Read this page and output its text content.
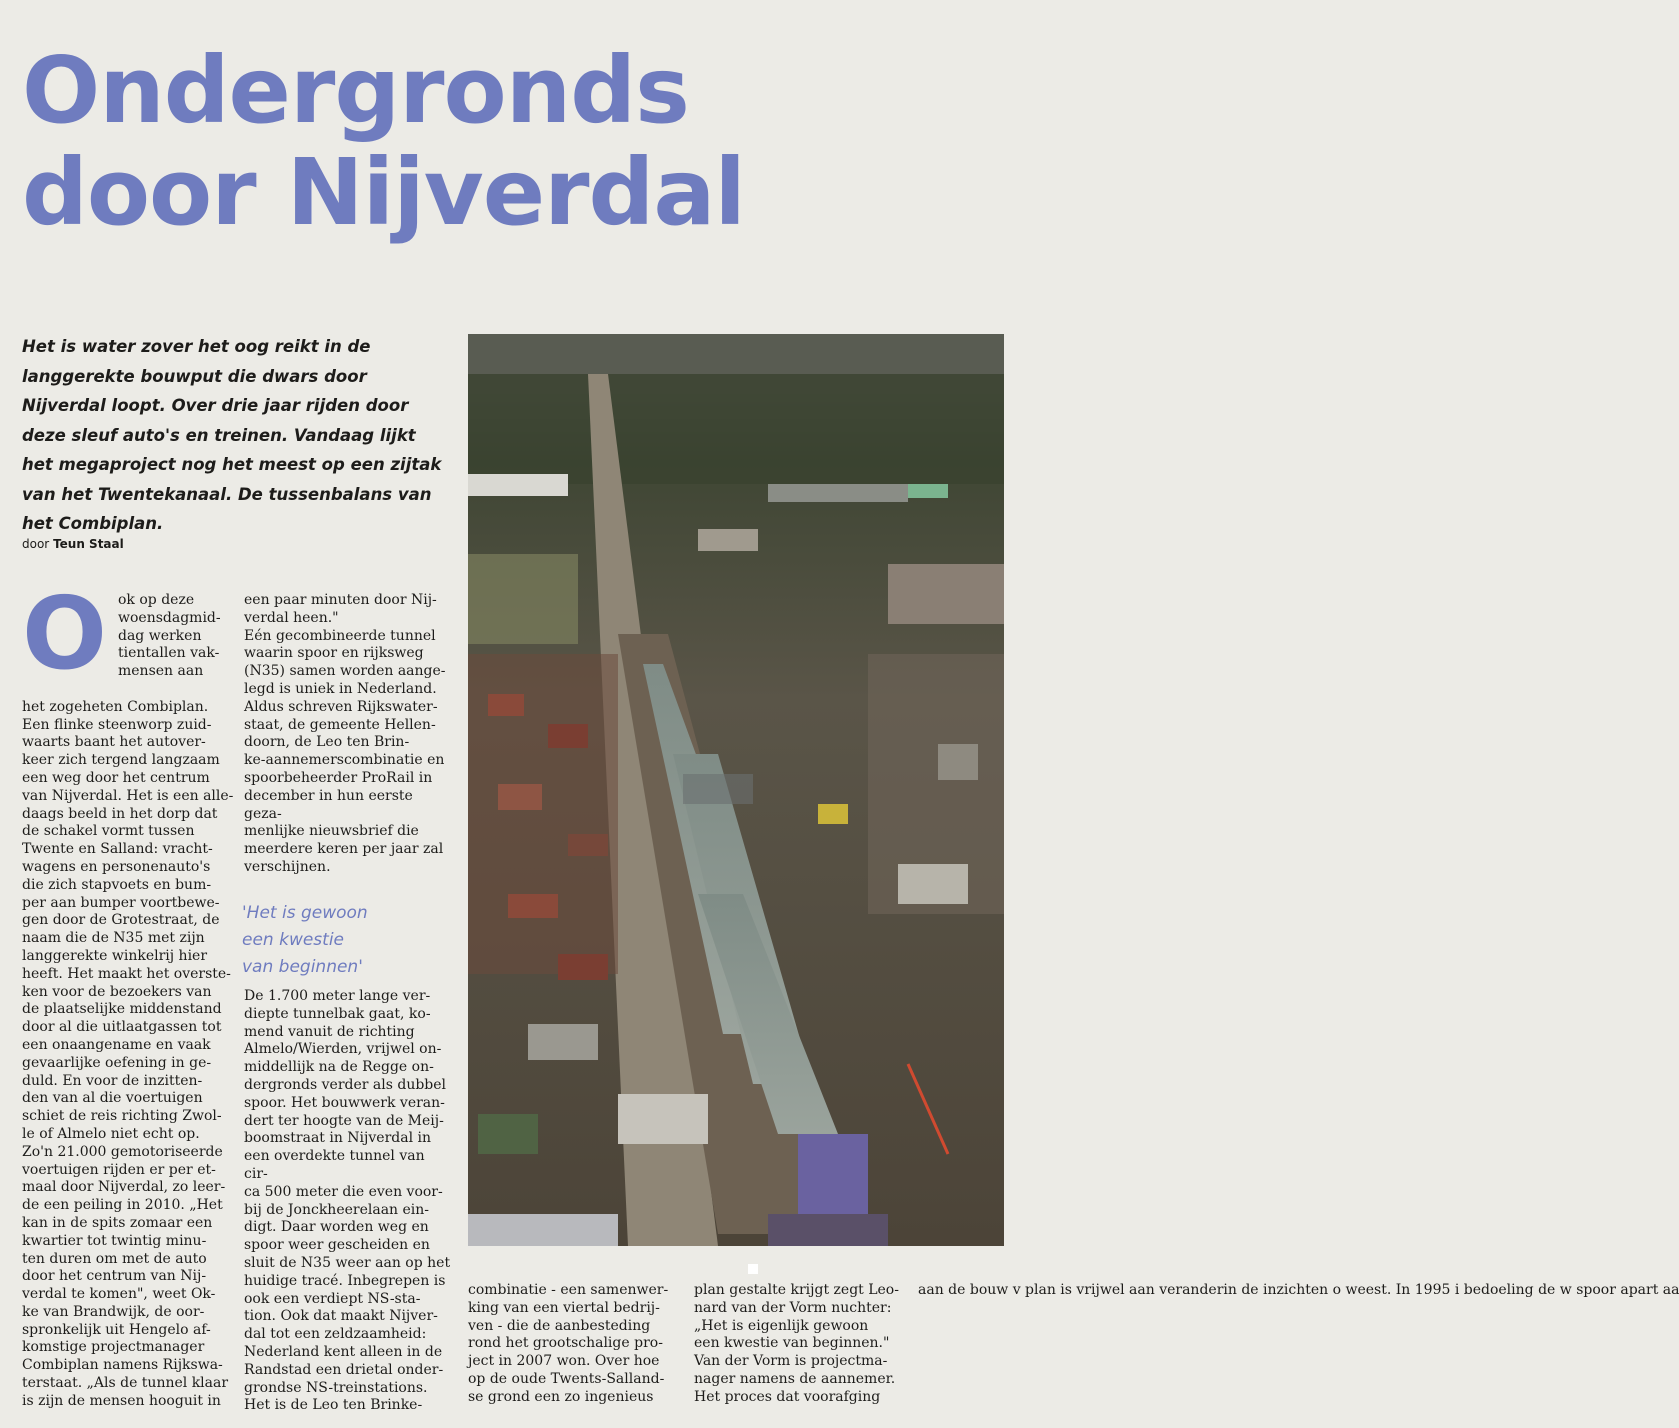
Ondergronds
door Nijverdal
Het is water zover het oog reikt in de langgerekte bouwput die dwars door Nijverdal loopt. Over drie jaar rijden door deze sleuf auto's en treinen. Vandaag lijkt het megaproject nog het meest op een zijtak van het Twentekanaal. De tussenbalans van het Combiplan.
door Teun Staal
O ok op deze
woensdagmid-
dag werken
tientallen vak-
mensen aan

het zogeheten Combiplan.
Een flinke steenworp zuid-
waarts baant het autover-
keer zich tergend langzaam
een weg door het centrum
van Nijverdal. Het is een alle-
daags beeld in het dorp dat
de schakel vormt tussen
Twente en Salland: vracht-
wagens en personenauto's
die zich stapvoets en bum-
per aan bumper voortbewe-
gen door de Grotestraat, de
naam die de N35 met zijn
langgerekte winkelrij hier
heeft. Het maakt het overste-
ken voor de bezoekers van
de plaatselijke middenstand
door al die uitlaatgassen tot
een onaangename en vaak
gevaarlijke oefening in ge-
duld. En voor de inzitten-
den van al die voertuigen
schiet de reis richting Zwol-
le of Almelo niet echt op.
Zo'n 21.000 gemotoriseerde
voertuigen rijden er per et-
maal door Nijverdal, zo leer-
de een peiling in 2010. „Het
kan in de spits zomaar een
kwartier tot twintig minu-
ten duren om met de auto
door het centrum van Nij-
verdal te komen", weet Ok-
ke van Brandwijk, de oor-
spronkelijk uit Hengelo af-
komstige projectmanager
Combiplan namens Rijkswa-
terstaat. „Als de tunnel klaar
is zijn de mensen hooguit in

een paar minuten door Nij-
verdal heen."
Eén gecombineerde tunnel
waarin spoor en rijksweg
(N35) samen worden aange-
legd is uniek in Nederland.
Aldus schreven Rijkswater-
staat, de gemeente Hellen-
doorn, de Leo ten Brin-
ke-aannemerscombinatie en
spoorbeheerder ProRail in
december in hun eerste geza-
menlijke nieuwsbrief die
meerdere keren per jaar zal
verschijnen.
'Het is gewoon
een kwestie
van beginnen'
De 1.700 meter lange ver-
diepte tunnelbak gaat, ko-
mend vanuit de richting
Almelo/Wierden, vrijwel on-
middellijk na de Regge on-
dergronds verder als dubbel
spoor. Het bouwwerk veran-
dert ter hoogte van de Meij-
boomstraat in Nijverdal in
een overdekte tunnel van cir-
ca 500 meter die even voor-
bij de Jonckheerelaan ein-
digt. Daar worden weg en
spoor weer gescheiden en
sluit de N35 weer aan op het
huidige tracé. Inbegrepen is
ook een verdiept NS-sta-
tion. Ook dat maakt Nijver-
dal tot een zeldzaamheid:
Nederland kent alleen in de
Randstad een drietal onder-
grondse NS-treinstations.
Het is de Leo ten Brinke-
combinatie - een samenwer-
king van een viertal bedrij-
ven - die de aanbesteding
rond het grootschalige pro-
ject in 2007 won. Over hoe
op de oude Twents-Salland-
se grond een zo ingenieus
plan gestalte krijgt zegt Leo-
nard van der Vorm nuchter:
„Het is eigenlijk gewoon
een kwestie van beginnen."
Van der Vorm is projectma-
nager namens de aannemer.
Het proces dat voorafging
aan de bouw v plan is vrijwel aan veranderin de inzichten o weest. In 1995 i bedoeling de w spoor apart aa
